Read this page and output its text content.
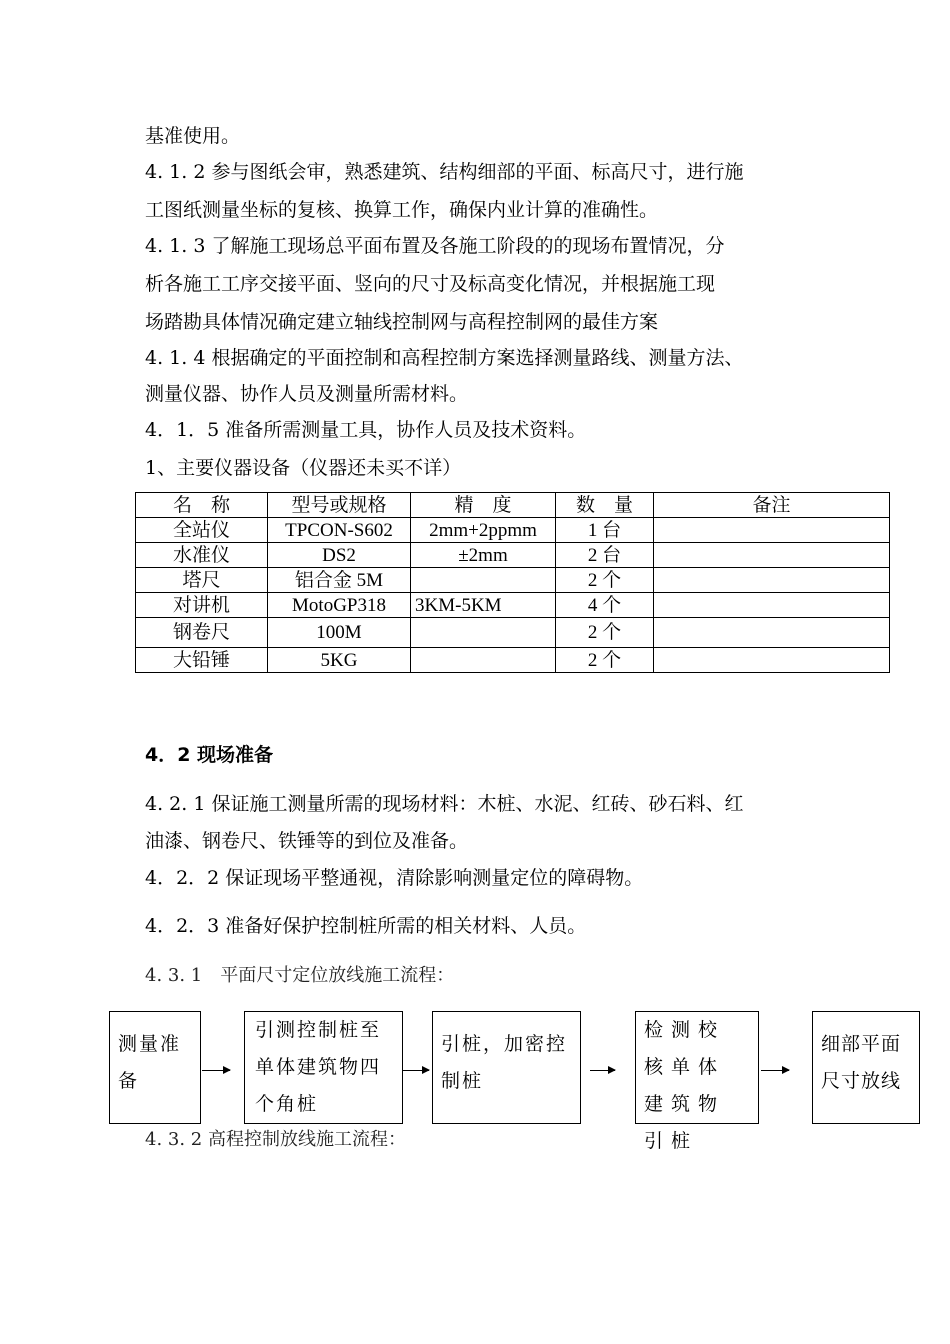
基准使用。
4. 1. 2 参与图纸会审，熟悉建筑、结构细部的平面、标高尺寸，进行施
工图纸测量坐标的复核、换算工作，确保内业计算的准确性。
4. 1. 3 了解施工现场总平面布置及各施工阶段的的现场布置情况，分
析各施工工序交接平面、竖向的尺寸及标高变化情况，并根据施工现
场踏勘具体情况确定建立轴线控制网与高程控制网的最佳方案
4. 1. 4 根据确定的平面控制和高程控制方案选择测量路线、测量方法、
测量仪器、协作人员及测量所需材料。
4．1．5 准备所需测量工具，协作人员及技术资料。
1、主要仪器设备（仪器还未买不详）
名　称	型号或规格	精　度	数　量	备注
全站仪	TPCON-S602	2mm+2ppmm	1 台	
水准仪	DS2	±2mm	2 台	
塔尺	铝合金 5M		2 个	
对讲机	MotoGP318	3KM-5KM	4 个	
钢卷尺	100M		2 个	
大铅锤	5KG		2 个	
4．2 现场准备
4. 2. 1 保证施工测量所需的现场材料：木桩、水泥、红砖、砂石料、红
油漆、钢卷尺、铁锤等的到位及准备。
4．2．2 保证现场平整通视，清除影响测量定位的障碍物。
4．2．3 准备好保护控制桩所需的相关材料、人员。
4. 3. 1　平面尺寸定位放线施工流程：
测量准备
引测控制桩至单体建筑物四个角桩
引桩，加密控制桩
检测校核单体建筑物引桩
细部平面尺寸放线
4. 3. 2 高程控制放线施工流程：
